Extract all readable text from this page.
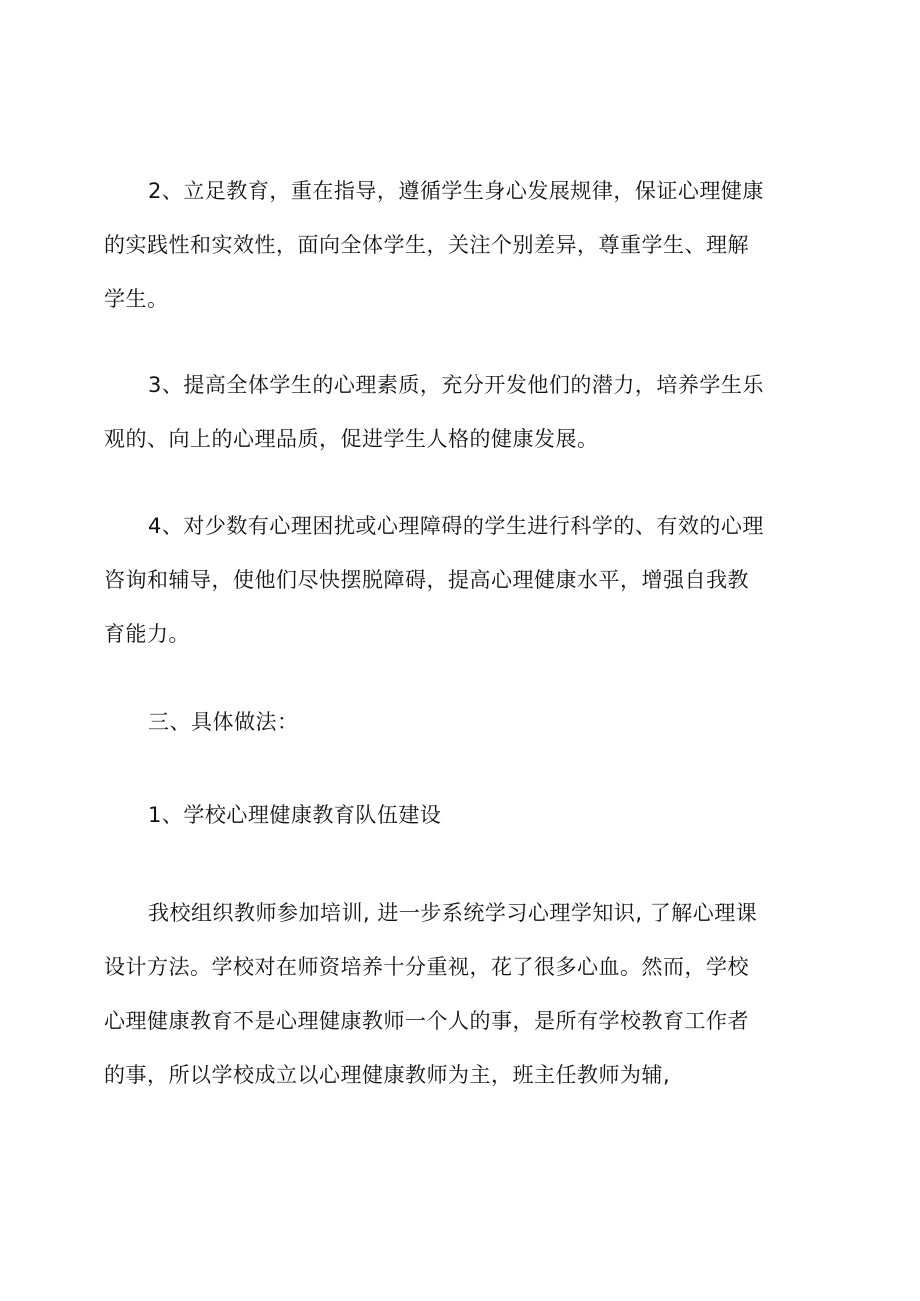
2、立足教育，重在指导，遵循学生身心发展规律，保证心理健康
的实践性和实效性，面向全体学生，关注个别差异，尊重学生、理解
学生。
3、提高全体学生的心理素质，充分开发他们的潜力，培养学生乐
观的、向上的心理品质，促进学生人格的健康发展。
4、对少数有心理困扰或心理障碍的学生进行科学的、有效的心理
咨询和辅导，使他们尽快摆脱障碍，提高心理健康水平，增强自我教
育能力。
三、具体做法：
1、学校心理健康教育队伍建设
我校组织教师参加培训, 进一步系统学习心理学知识, 了解心理课
设计方法。学校对在师资培养十分重视，花了很多心血。然而，学校
心理健康教育不是心理健康教师一个人的事，是所有学校教育工作者
的事，所以学校成立以心理健康教师为主，班主任教师为辅,
